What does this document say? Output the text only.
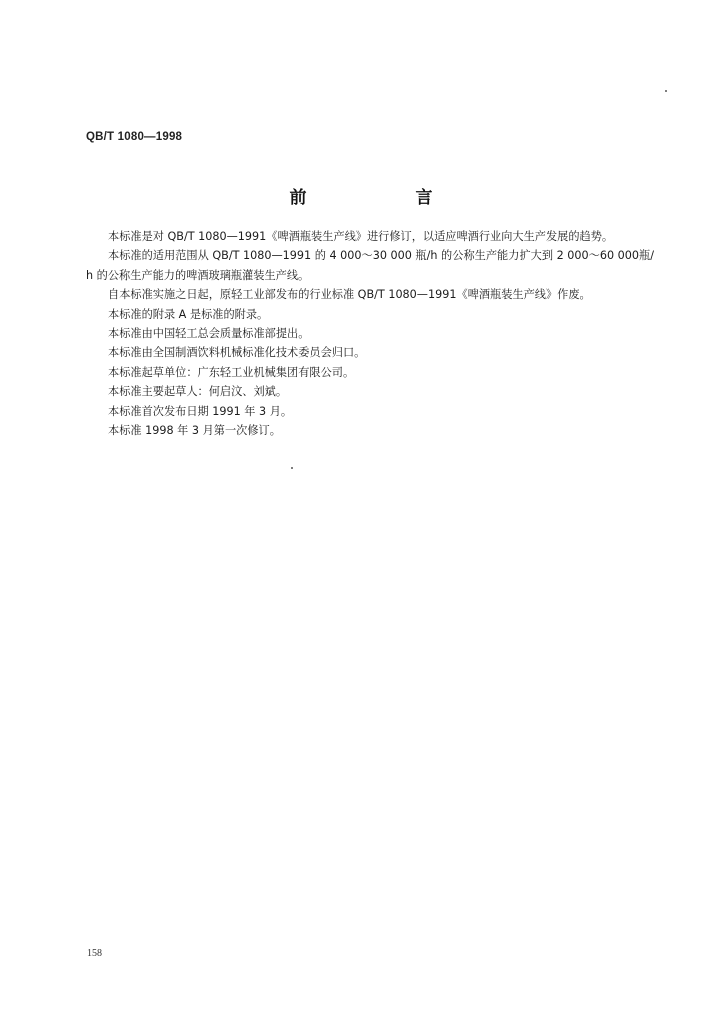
QB/T 1080—1998
前　言

本标准是对 QB/T 1080—1991《啤酒瓶装生产线》进行修订，以适应啤酒行业向大生产发展的趋势。

本标准的适用范围从 QB/T 1080—1991 的 4 000～30 000 瓶/h 的公称生产能力扩大到 2 000～60 000瓶/h 的公称生产能力的啤酒玻璃瓶灌装生产线。

自本标准实施之日起，原轻工业部发布的行业标准 QB/T 1080—1991《啤酒瓶装生产线》作废。

本标准的附录 A 是标准的附录。

本标准由中国轻工总会质量标准部提出。

本标准由全国制酒饮料机械标准化技术委员会归口。

本标准起草单位：广东轻工业机械集团有限公司。

本标准主要起草人：何启汶、刘斌。

本标准首次发布日期 1991 年 3 月。

本标准 1998 年 3 月第一次修订。

158
